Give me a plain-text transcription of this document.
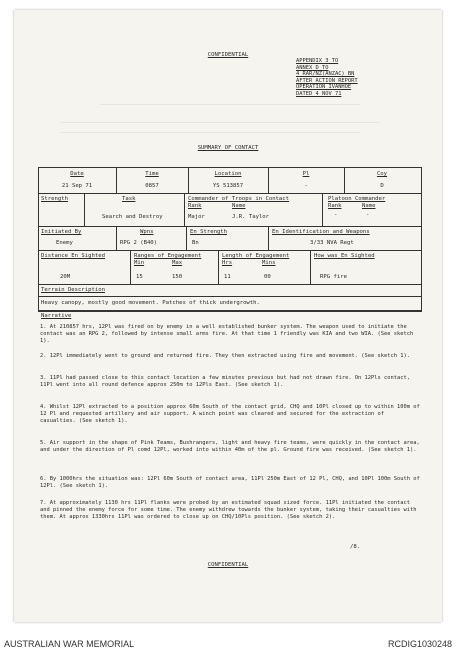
CONFIDENTIAL
APPENDIX 3 TO
ANNEX D TO
4 RAR/NZ(ANZAC) BN
AFTER ACTION REPORT
OPERATION IVANHOE
DATED 4 NOV 71
SUMMARY OF CONTACT
Date
21 Sep 71
Time
0857
Location
YS 513857
Pl
-
Coy
D
Strength	Task
Search and Destroy
Commander of Troops in Contact
Rank	Name
Major	J.R. Taylor
Platoon Commander
Rank	Name
-	-
Initiated By
Enemy
Wpns
RPG 2 (B40)
En Strength
Bn
En Identification and Weapons
3/33 NVA Regt
Distance En Sighted
20M
Ranges of Engagement
Min	Max
15	150
Length of Engagement
Hrs	Mins
11	00
How was En Sighted
RPG fire
Terrain Description
Heavy canopy, mostly good movement. Patches of thick undergrowth.
Narrative
1. At 210857 hrs, 12Pl was fired on by enemy in a well established bunker system. The weapon used to initiate the contact was an RPG 2, followed by intense small arms fire. At that time 1 friendly was KIA and two WIA. (See sketch 1).
2. 12Pl immediately went to ground and returned fire. They then extracted using fire and movement. (See sketch 1).
3. 11Pl had passed close to this contact location a few minutes previous but had not drawn fire. On 12Pls contact, 11Pl went into all round defence approx 250m to 12Pls East. (See sketch 1).
4. Whilst 12Pl extracted to a position approx 60m South of the contact grid, CHQ and 10Pl closed up to within 100m of 12 Pl and requested artillery and air support. A winch point was cleared and secured for the extraction of casualties. (See sketch 1).
5. Air support in the shape of Pink Teams, Bushrangers, light and heavy fire teams, were quickly in the contact area, and under the direction of Pl comd 12Pl, worked into within 40m of the pl. Ground fire was received. (See sketch 1).
6. By 1000hrs the situation was: 12Pl 60m South of contact area, 11Pl 250m East of 12 Pl, CHQ, and 10Pl 100m South of 12Pl. (See sketch 1).
7. At approximately 1130 hrs 11Pl flanks were probed by an estimated squad sized force. 11Pl initiated the contact and pinned the enemy force for some time. The enemy withdrew towards the bunker system, taking their casualties with them. At approx 1330hrs 11Pl was ordered to close up on CHQ/10Pls position. (See sketch 2).
/8.
CONFIDENTIAL
AUSTRALIAN WAR MEMORIAL	RCDIG1030248
